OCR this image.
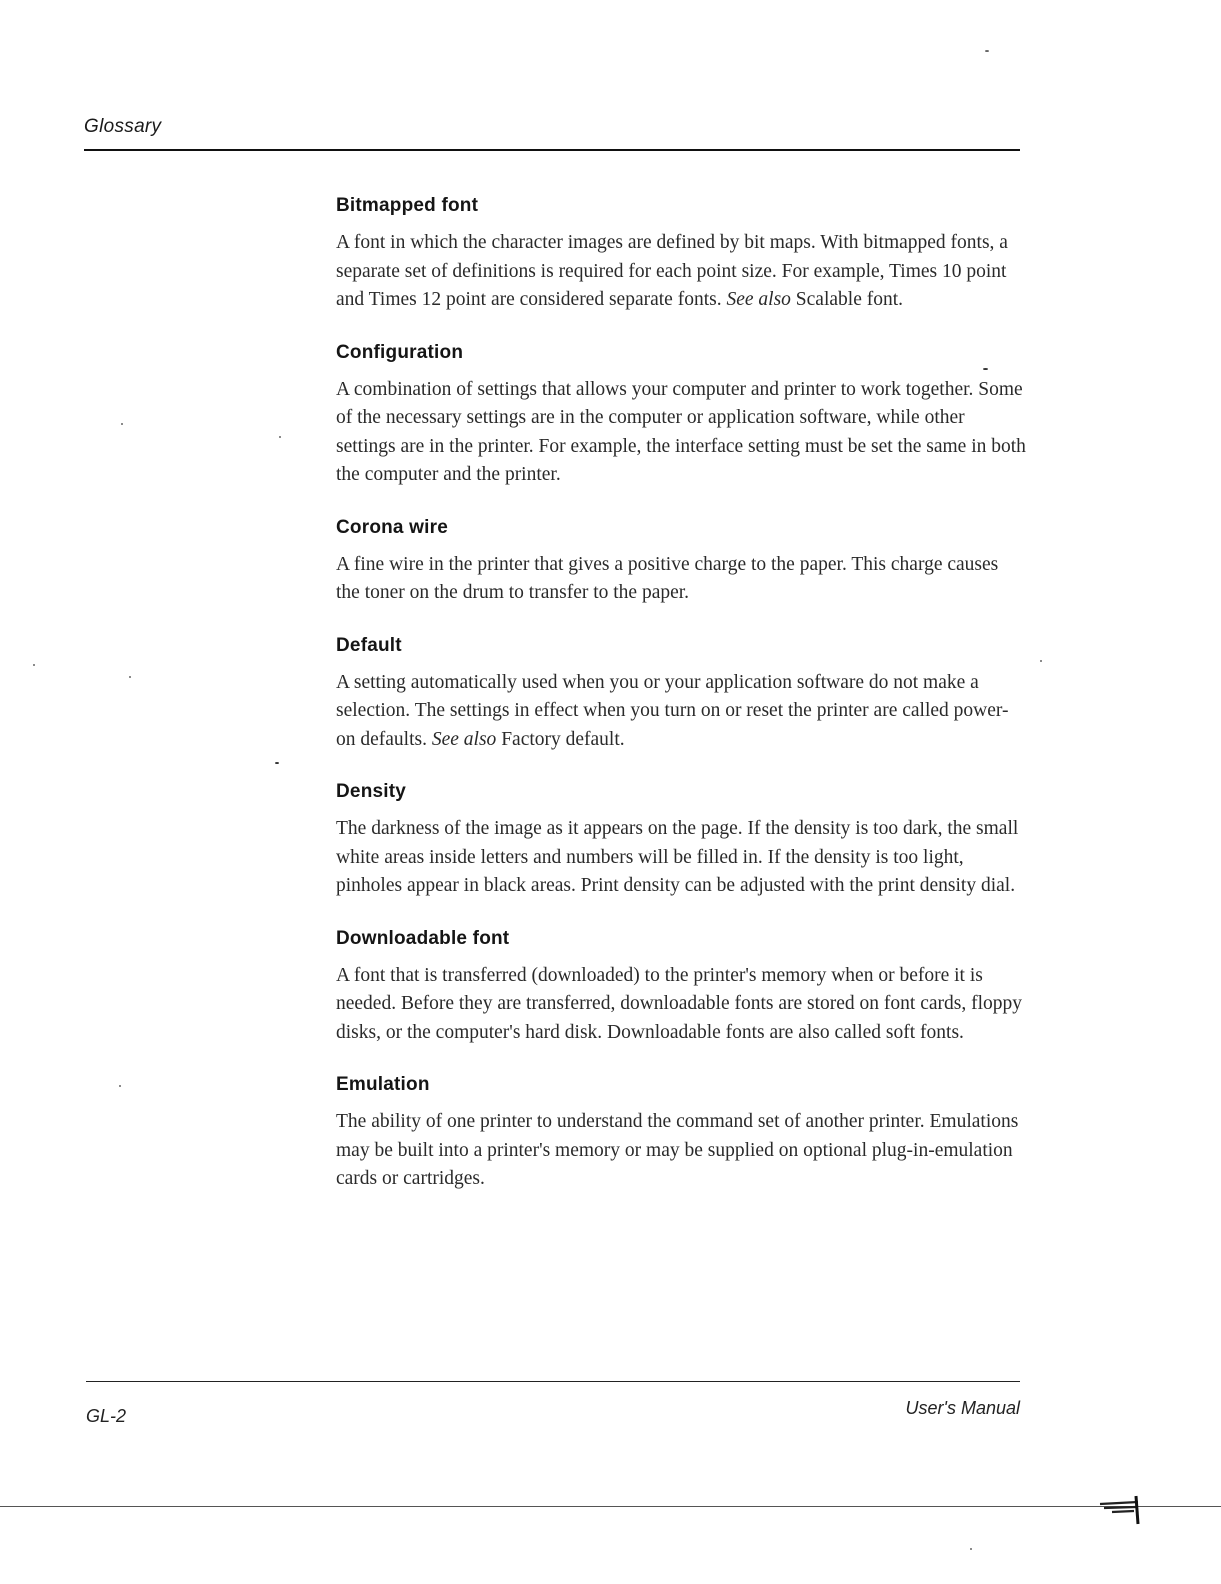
Glossary
Bitmapped font

A font in which the character images are defined by bit maps. With bitmapped fonts, a separate set of definitions is required for each point size. For example, Times 10 point and Times 12 point are considered separate fonts. See also Scalable font.

Configuration

A combination of settings that allows your computer and printer to work together. Some of the necessary settings are in the computer or application software, while other settings are in the printer. For example, the interface setting must be set the same in both the computer and the printer.

Corona wire

A fine wire in the printer that gives a positive charge to the paper. This charge causes the toner on the drum to transfer to the paper.

Default

A setting automatically used when you or your application software do not make a selection. The settings in effect when you turn on or reset the printer are called power-on defaults. See also Factory default.

Density

The darkness of the image as it appears on the page. If the density is too dark, the small white areas inside letters and numbers will be filled in. If the density is too light, pinholes appear in black areas. Print density can be adjusted with the print density dial.

Downloadable font

A font that is transferred (downloaded) to the printer's memory when or before it is needed. Before they are transferred, downloadable fonts are stored on font cards, floppy disks, or the computer's hard disk. Downloadable fonts are also called soft fonts.

Emulation

The ability of one printer to understand the command set of another printer. Emulations may be built into a printer's memory or may be supplied on optional plug-in-emulation cards or cartridges.

GL-2	User's Manual
